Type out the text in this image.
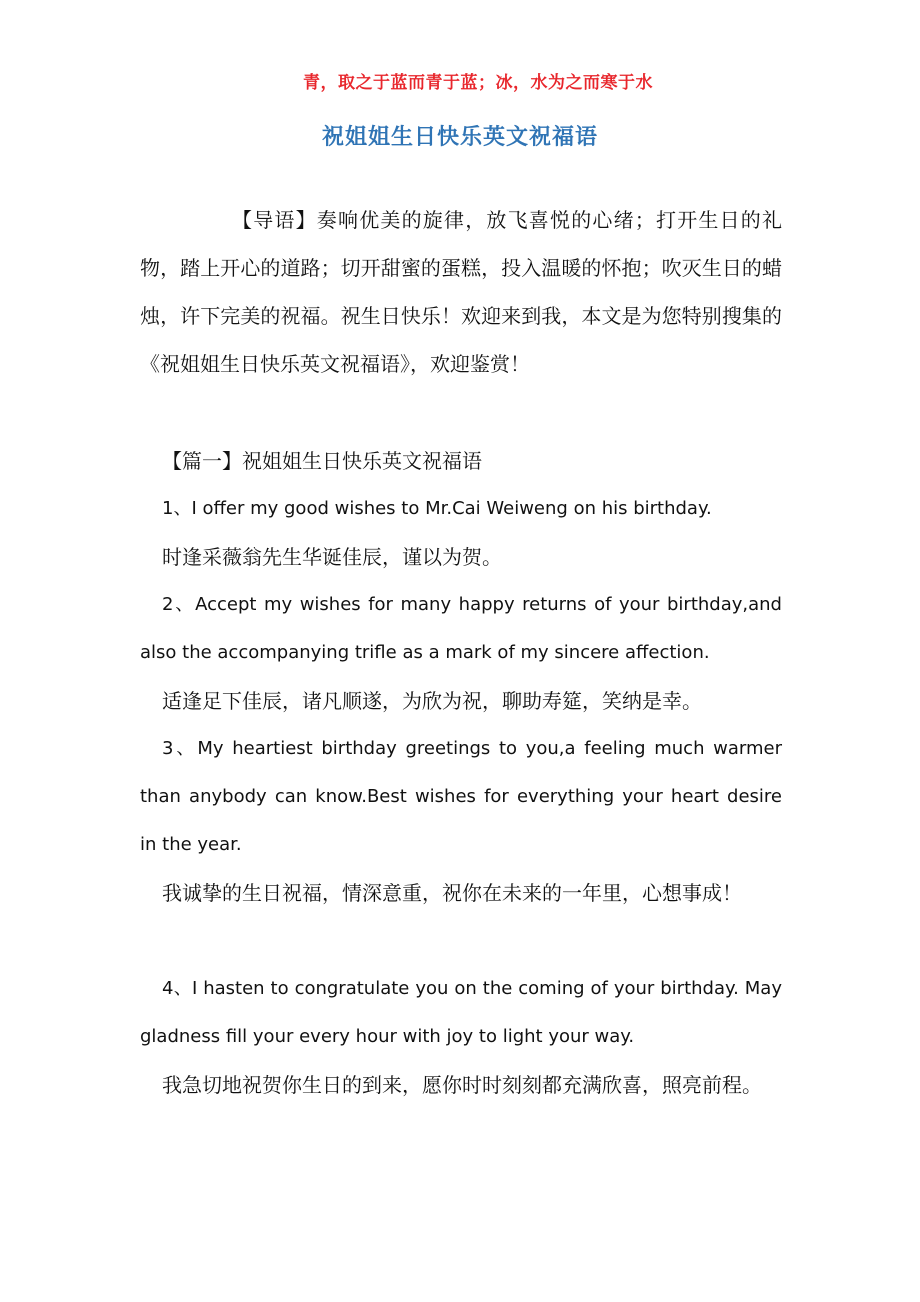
青，取之于蓝而青于蓝；冰，水为之而寒于水
祝姐姐生日快乐英文祝福语
【导语】奏响优美的旋律，放飞喜悦的心绪；打开生日的礼物，踏上开心的道路；切开甜蜜的蛋糕，投入温暖的怀抱；吹灭生日的蜡烛，许下完美的祝福。祝生日快乐！欢迎来到我，本文是为您特别搜集的《祝姐姐生日快乐英文祝福语》，欢迎鉴赏！
【篇一】祝姐姐生日快乐英文祝福语
1、I offer my good wishes to Mr.Cai Weiweng on his birthday.
时逢采薇翁先生华诞佳辰，谨以为贺。
2、Accept my wishes for many happy returns of your birthday,and also the accompanying trifle as a mark of my sincere affection.
适逢足下佳辰，诸凡顺遂，为欣为祝，聊助寿筵，笑纳是幸。
3、My heartiest birthday greetings to you,a feeling much warmer than anybody can know.Best wishes for everything your heart desire in the year.
我诚挚的生日祝福，情深意重，祝你在未来的一年里，心想事成！
4、I hasten to congratulate you on the coming of your birthday. May gladness fill your every hour with joy to light your way.
我急切地祝贺你生日的到来，愿你时时刻刻都充满欣喜，照亮前程。
